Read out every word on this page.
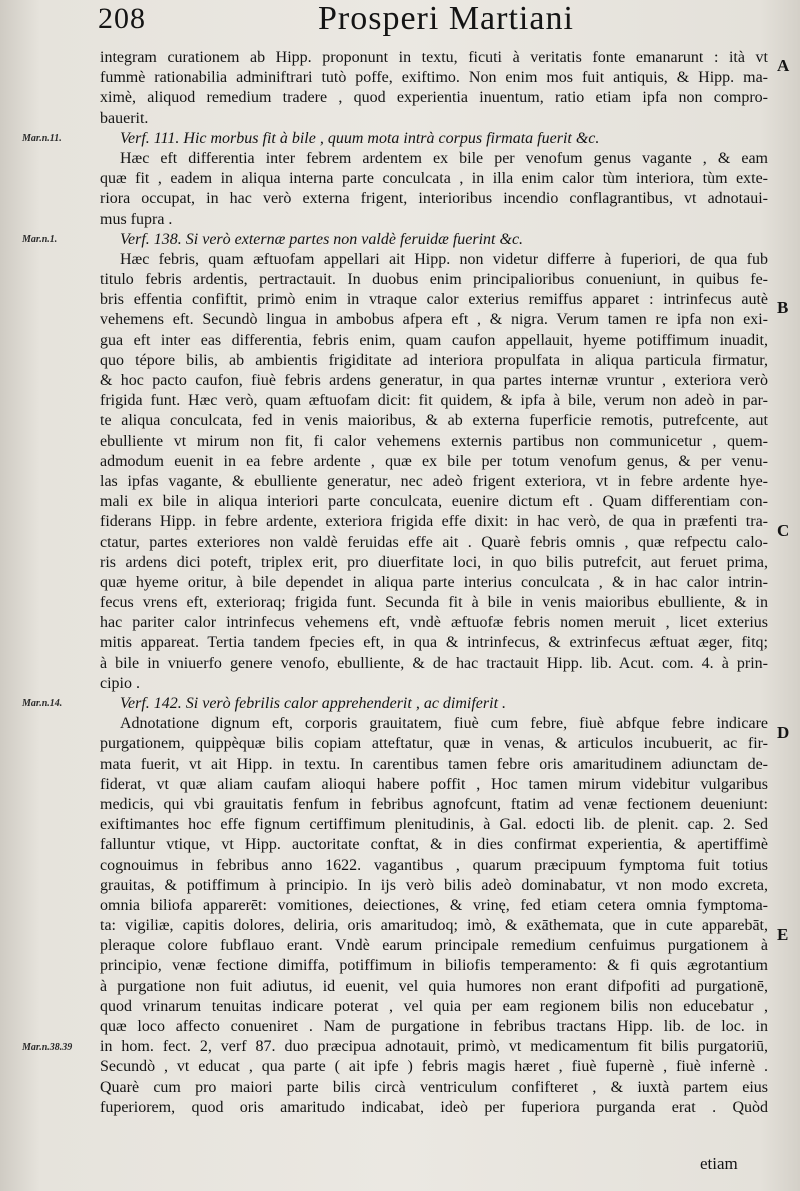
208	Prosperi Martiani
integram curationem ab Hipp. proponunt in textu, ficuti à veritatis fonte emanarunt : ità vt
fummè rationabilia adminiftrari tutò poffe, exiftimo. Non enim mos fuit antiquis, & Hipp. ma-
ximè, aliquod remedium tradere , quod experientia inuentum, ratio etiam ipfa non compro-
bauerit.
Verf. 111. Hic morbus fit à bile , quum mota intrà corpus firmata fuerit &c.
Hæc eft differentia inter febrem ardentem ex bile per venofum genus vagante , & eam
quæ fit , eadem in aliqua interna parte conculcata , in illa enim calor tùm interiora, tùm exte-
riora occupat, in hac verò externa frigent, interioribus incendio conflagrantibus, vt adnotaui-
mus fupra .
Verf. 138. Si verò externæ partes non valdè feruidæ fuerint &c.
Hæc febris, quam æftuofam appellari ait Hipp. non videtur differre à fuperiori, de qua fub
titulo febris ardentis, pertractauit. In duobus enim principalioribus conueniunt, in quibus fe-
bris effentia confiftit, primò enim in vtraque calor exterius remiffus apparet : intrinfecus autè
vehemens eft. Secundò lingua in ambobus afpera eft , & nigra. Verum tamen re ipfa non exi-
gua eft inter eas differentia, febris enim, quam caufon appellauit, hyeme potiffimum inuadit,
quo tépore bilis, ab ambientis frigiditate ad interiora propulfata in aliqua particula firmatur,
& hoc pacto caufon, fiuè febris ardens generatur, in qua partes internæ vruntur , exteriora verò
frigida funt. Hæc verò, quam æftuofam dicit: fit quidem, & ipfa à bile, verum non adeò in par-
te aliqua conculcata, fed in venis maioribus, & ab externa fuperficie remotis, putrefcente, aut
ebulliente vt mirum non fit, fi calor vehemens externis partibus non communicetur , quem-
admodum euenit in ea febre ardente , quæ ex bile per totum venofum genus, & per venu-
las ipfas vagante, & ebulliente generatur, nec adeò frigent exteriora, vt in febre ardente hye-
mali ex bile in aliqua interiori parte conculcata, euenire dictum eft . Quam differentiam con-
fiderans Hipp. in febre ardente, exteriora frigida effe dixit: in hac verò, de qua in præfenti tra-
ctatur, partes exteriores non valdè feruidas effe ait . Quarè febris omnis , quæ refpectu calo-
ris ardens dici poteft, triplex erit, pro diuerfitate loci, in quo bilis putrefcit, aut feruet prima,
quæ hyeme oritur, à bile dependet in aliqua parte interius conculcata , & in hac calor intrin-
fecus vrens eft, exterioraq; frigida funt. Secunda fit à bile in venis maioribus ebulliente, & in
hac pariter calor intrinfecus vehemens eft, vndè æftuofæ febris nomen meruit , licet exterius
mitis appareat. Tertia tandem fpecies eft, in qua & intrinfecus, & extrinfecus æftuat æger, fitq;
à bile in vniuerfo genere venofo, ebulliente, & de hac tractauit Hipp. lib. Acut. com. 4. à prin-
cipio .
Verf. 142. Si verò febrilis calor apprehenderit , ac dimiferit .
Adnotatione dignum eft, corporis grauitatem, fiuè cum febre, fiuè abfque febre indicare
purgationem, quippèquæ bilis copiam atteftatur, quæ in venas, & articulos incubuerit, ac fir-
mata fuerit, vt ait Hipp. in textu. In carentibus tamen febre oris amaritudinem adiunctam de-
fiderat, vt quæ aliam caufam alioqui habere poffit , Hoc tamen mirum videbitur vulgaribus
medicis, qui vbi grauitatis fenfum in febribus agnofcunt, ftatim ad venæ fectionem deueniunt:
exiftimantes hoc effe fignum certiffimum plenitudinis, à Gal. edocti lib. de plenit. cap. 2. Sed
falluntur vtique, vt Hipp. auctoritate conftat, & in dies confirmat experientia, & apertiffimè
cognouimus in febribus anno 1622. vagantibus , quarum præcipuum fymptoma fuit totius
grauitas, & potiffimum à principio. In ijs verò bilis adeò dominabatur, vt non modo excreta,
omnia biliofa apparerēt: vomitiones, deiectiones, & vrinę, fed etiam cetera omnia fymptoma-
ta: vigiliæ, capitis dolores, deliria, oris amaritudoq; imò, & exāthemata, que in cute apparebāt,
pleraque colore fubflauo erant. Vndè earum principale remedium cenfuimus purgationem à
principio, venæ fectione dimiffa, potiffimum in biliofis temperamento: & fi quis ægrotantium
à purgatione non fuit adiutus, id euenit, vel quia humores non erant difpofiti ad purgationē,
quod vrinarum tenuitas indicare poterat , vel quia per eam regionem bilis non educebatur ,
quæ loco affecto conueniret . Nam de purgatione in febribus tractans Hipp. lib. de loc. in
in hom. fect. 2, verf 87. duo præcipua adnotauit, primò, vt medicamentum fit bilis purgatoriū,
Secundò , vt educat , qua parte ( ait ipfe ) febris magis hæret , fiuè fupernè , fiuè infernè .
Quarè cum pro maiori parte bilis circà ventriculum confifteret , & iuxtà partem eius
fuperiorem, quod oris amaritudo indicabat, ideò per fuperiora purganda erat . Quòd
Mar.n.11.
Mar.n.1.
Mar.n.14.
Mar.n.38.39
A
B
C
D
E
etiam
